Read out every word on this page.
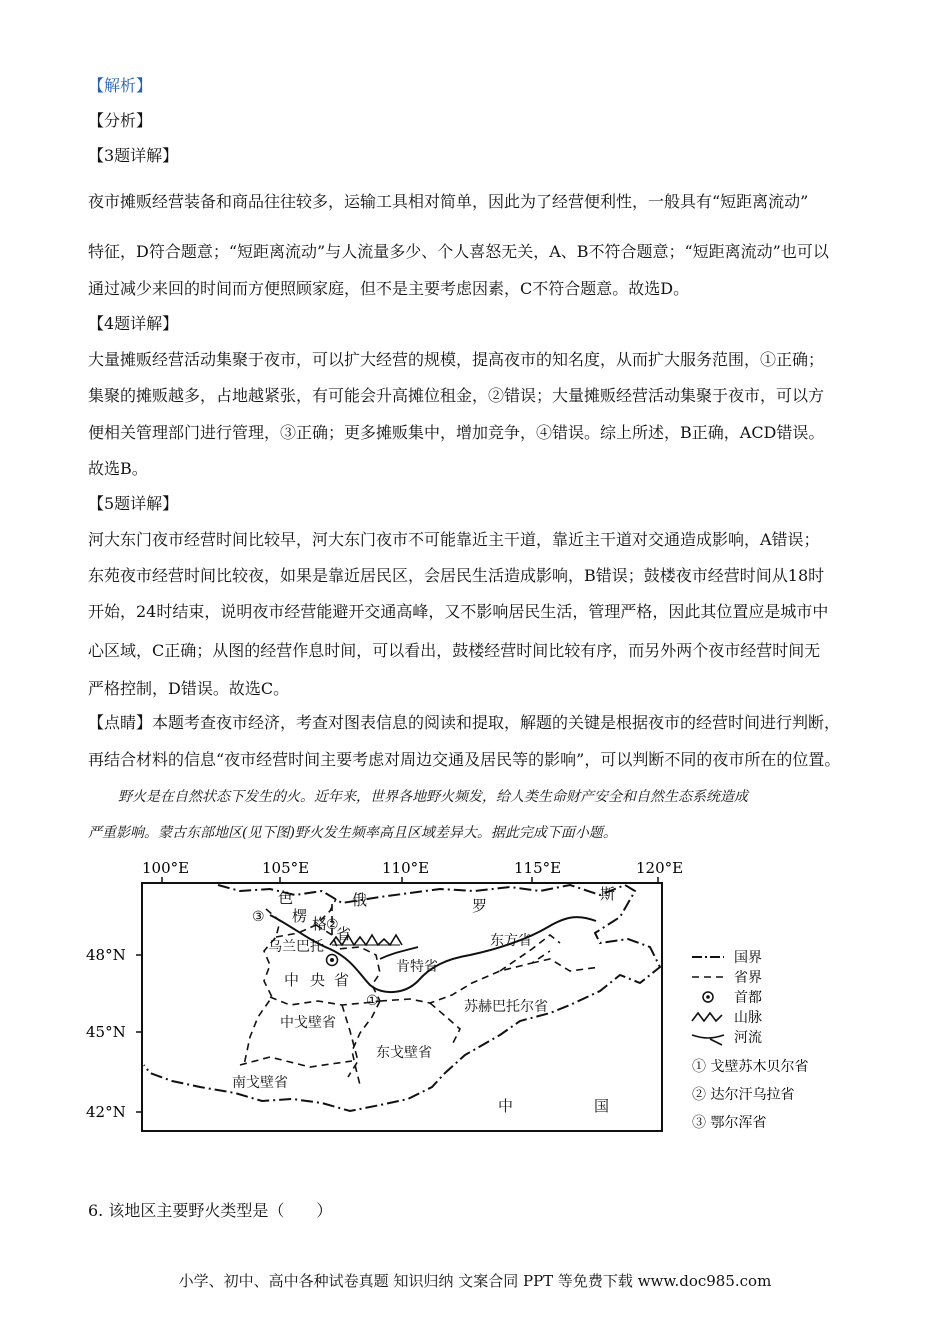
【解析】
【分析】
【3题详解】
夜市摊贩经营装备和商品往往较多，运输工具相对简单，因此为了经营便利性，一般具有“短距离流动”
特征，D符合题意；“短距离流动”与人流量多少、个人喜怒无关，A、B不符合题意；“短距离流动”也可以
通过减少来回的时间而方便照顾家庭，但不是主要考虑因素，C不符合题意。故选D。
【4题详解】
大量摊贩经营活动集聚于夜市，可以扩大经营的规模，提高夜市的知名度，从而扩大服务范围，①正确；
集聚的摊贩越多，占地越紧张，有可能会升高摊位租金，②错误；大量摊贩经营活动集聚于夜市，可以方
便相关管理部门进行管理，③正确；更多摊贩集中，增加竞争，④错误。综上所述，B正确，ACD错误。
故选B。
【5题详解】
河大东门夜市经营时间比较早，河大东门夜市不可能靠近主干道，靠近主干道对交通造成影响，A错误；
东苑夜市经营时间比较夜，如果是靠近居民区，会居民生活造成影响，B错误；鼓楼夜市经营时间从18时
开始，24时结束，说明夜市经营能避开交通高峰，又不影响居民生活，管理严格，因此其位置应是城市中
心区域，C正确；从图的经营作息时间，可以看出，鼓楼经营时间比较有序，而另外两个夜市经营时间无
严格控制，D错误。故选C。
【点睛】本题考查夜市经济，考查对图表信息的阅读和提取，解题的关键是根据夜市的经营时间进行判断，
再结合材料的信息“夜市经营时间主要考虑对周边交通及居民等的影响”，可以判断不同的夜市所在的位置。
野火是在自然状态下发生的火。近年来，世界各地野火频发，给人类生命财产安全和自然生态系统造成
严重影响。蒙古东部地区(见下图)野火发生频率高且区域差异大。据此完成下面小题。
100°E	105°E	110°E	115°E	120°E
48°N
45°N
42°N
俄	罗
斯
色
楞 格
省
乌兰巴托
中 央 省
肯特省
东方省
苏赫巴托尔省
中戈壁省
东戈壁省
南戈壁省
中	国
①
②
③
国界
省界
首都
山脉
河流
① 戈壁苏木贝尔省
② 达尔汗乌拉省
③ 鄂尔浑省
6. 该地区主要野火类型是（　　）
小学、初中、高中各种试卷真题 知识归纳 文案合同 PPT 等免费下载 www.doc985.com
